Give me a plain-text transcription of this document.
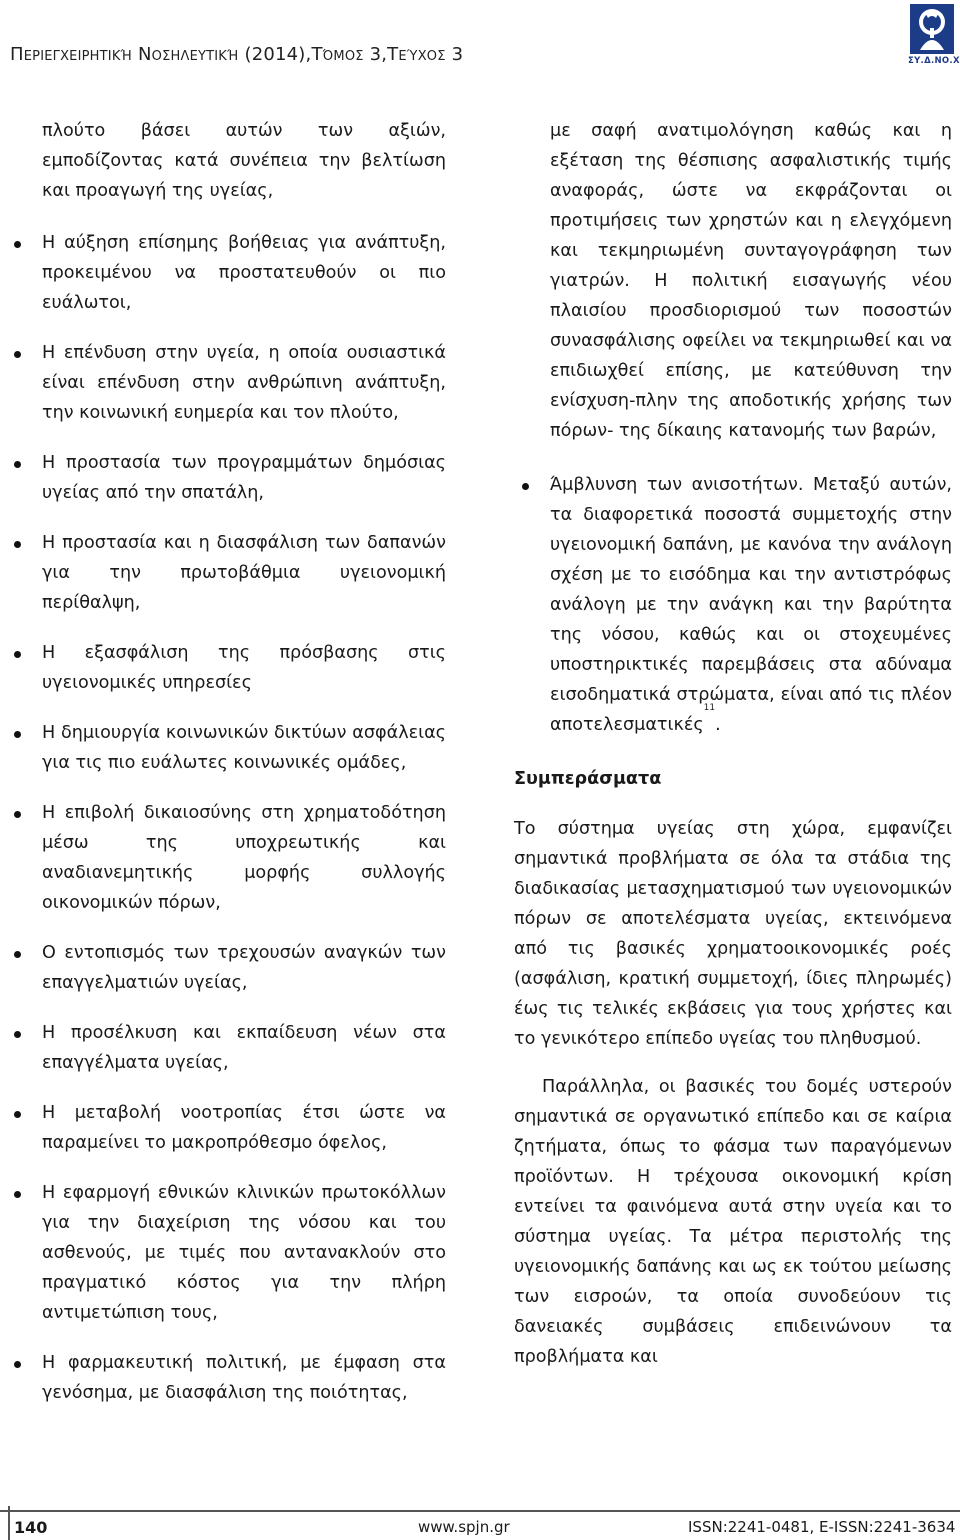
Περιεγχειρητική Νοσηλευτική (2014),Τόμος 3,Τεύχος 3	ΣΥ.Δ.ΝΟ.Χ

πλούτο βάσει αυτών των αξιών, εμποδίζοντας κατά συνέπεια την βελτίωση και προαγωγή της υγείας,

Η αύξηση επίσημης βοήθειας για ανάπτυξη, προκειμένου να προστατευθούν οι πιο ευάλωτοι,
Η επένδυση στην υγεία, η οποία ουσιαστικά είναι επένδυση στην ανθρώπινη ανάπτυξη, την κοινωνική ευημερία και τον πλούτο,
Η προστασία των προγραμμάτων δημόσιας υγείας από την σπατάλη,
Η προστασία και η διασφάλιση των δαπανών για την πρωτοβάθμια υγειονομική περίθαλψη,
Η εξασφάλιση της πρόσβασης στις υγειονομικές υπηρεσίες
Η δημιουργία κοινωνικών δικτύων ασφάλειας για τις πιο ευάλωτες κοινωνικές ομάδες,
Η επιβολή δικαιοσύνης στη χρηματοδότηση μέσω της υποχρεωτικής και αναδιανεμητικής μορφής συλλογής οικονομικών πόρων,
Ο εντοπισμός των τρεχουσών αναγκών των επαγγελματιών υγείας,
Η προσέλκυση και εκπαίδευση νέων στα επαγγέλματα υγείας,
Η μεταβολή νοοτροπίας έτσι ώστε να παραμείνει το μακροπρόθεσμο όφελος,
Η εφαρμογή εθνικών κλινικών πρωτοκόλλων για την διαχείριση της νόσου και του ασθενούς, με τιμές που αντανακλούν στο πραγματικό κόστος για την πλήρη αντιμετώπιση τους,
Η φαρμακευτική πολιτική, με έμφαση στα γενόσημα, με διασφάλιση της ποιότητας,

με σαφή ανατιμολόγηση καθώς και η εξέταση της θέσπισης ασφαλιστικής τιμής αναφοράς, ώστε να εκφράζονται οι προτιμήσεις των χρηστών και η ελεγχόμενη και τεκμηριωμένη συνταγογράφηση των γιατρών. Η πολιτική εισαγωγής νέου πλαισίου προσδιορισμού των ποσοστών συνασφάλισης οφείλει να τεκμηριωθεί και να επιδιωχθεί επίσης, με κατεύθυνση την ενίσχυση-πλην της αποδοτικής χρήσης των πόρων- της δίκαιης κατανομής των βαρών,

Άμβλυνση των ανισοτήτων. Μεταξύ αυτών, τα διαφορετικά ποσοστά συμμετοχής στην υγειονομική δαπάνη, με κανόνα την ανάλογη σχέση με το εισόδημα και την αντιστρόφως ανάλογη με την ανάγκη και την βαρύτητα της νόσου, καθώς και οι στοχευμένες υποστηρικτικές παρεμβάσεις στα αδύναμα εισοδηματικά στρώματα, είναι από τις πλέον αποτελεσματικές$^{11}$.

Συμπεράσματα

Το σύστημα υγείας στη χώρα, εμφανίζει σημαντικά προβλήματα σε όλα τα στάδια της διαδικασίας μετασχηματισμού των υγειονομικών πόρων σε αποτελέσματα υγείας, εκτεινόμενα από τις βασικές χρηματοοικονομικές ροές (ασφάλιση, κρατική συμμετοχή, ίδιες πληρωμές) έως τις τελικές εκβάσεις για τους χρήστες και το γενικότερο επίπεδο υγείας του πληθυσμού.

Παράλληλα, οι βασικές του δομές υστερούν σημαντικά σε οργανωτικό επίπεδο και σε καίρια ζητήματα, όπως το φάσμα των παραγόμενων προϊόντων. Η τρέχουσα οικονομική κρίση εντείνει τα φαινόμενα αυτά στην υγεία και το σύστημα υγείας. Τα μέτρα περιστολής της υγειονομικής δαπάνης και ως εκ τούτου μείωσης των εισροών, τα οποία συνοδεύουν τις δανειακές συμβάσεις επιδεινώνουν τα προβλήματα και

140	www.spjn.gr	ISSN:2241-0481, E-ISSN:2241-3634
